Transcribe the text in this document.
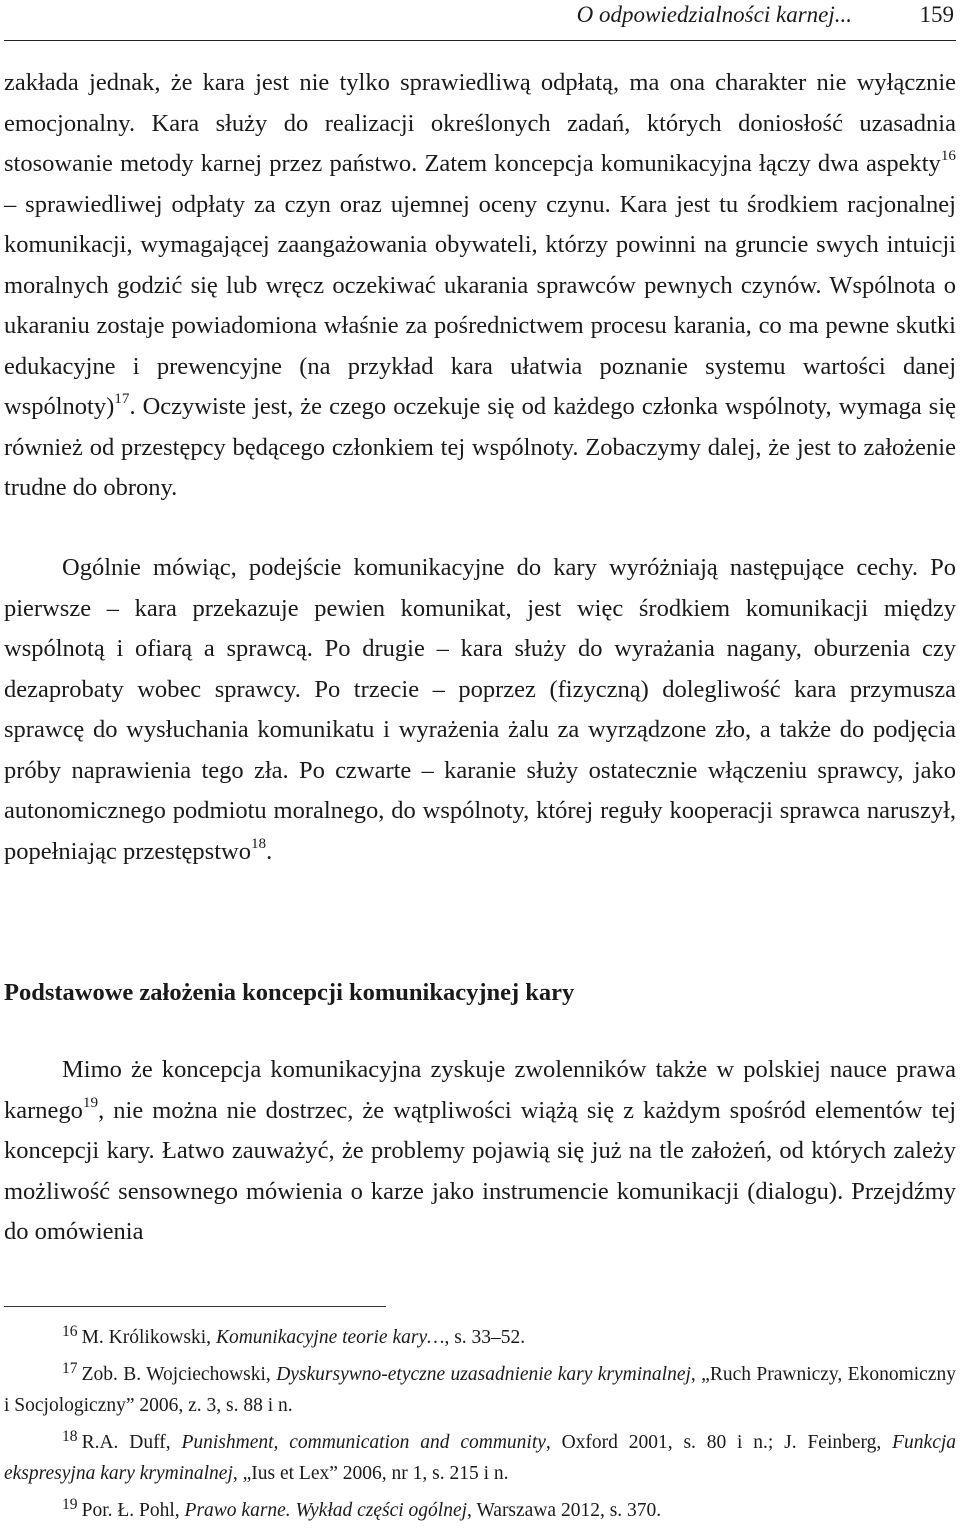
O odpowiedzialności karnej...	159

zakłada jednak, że kara jest nie tylko sprawiedliwą odpłatą, ma ona charakter nie wyłącznie emocjonalny. Kara służy do realizacji określonych zadań, których doniosłość uzasadnia stosowanie metody karnej przez państwo. Zatem koncepcja komunikacyjna łączy dwa aspekty$^{16}$ – sprawiedliwej odpłaty za czyn oraz ujemnej oceny czynu. Kara jest tu środkiem racjonalnej komunikacji, wymagającej zaangażowania obywateli, którzy powinni na gruncie swych intuicji moralnych godzić się lub wręcz oczekiwać ukarania sprawców pewnych czynów. Wspólnota o ukaraniu zostaje powiadomiona właśnie za pośrednictwem procesu karania, co ma pewne skutki edukacyjne i prewencyjne (na przykład kara ułatwia poznanie systemu wartości danej wspólnoty)$^{17}$. Oczywiste jest, że czego oczekuje się od każdego członka wspólnoty, wymaga się również od przestępcy będącego członkiem tej wspólnoty. Zobaczymy dalej, że jest to założenie trudne do obrony.

Ogólnie mówiąc, podejście komunikacyjne do kary wyróżniają następujące cechy. Po pierwsze – kara przekazuje pewien komunikat, jest więc środkiem komunikacji między wspólnotą i ofiarą a sprawcą. Po drugie – kara służy do wyrażania nagany, oburzenia czy dezaprobaty wobec sprawcy. Po trzecie – poprzez (fizyczną) dolegliwość kara przymusza sprawcę do wysłuchania komunikatu i wyrażenia żalu za wyrządzone zło, a także do podjęcia próby naprawienia tego zła. Po czwarte – karanie służy ostatecznie włączeniu sprawcy, jako autonomicznego podmiotu moralnego, do wspólnoty, której reguły kooperacji sprawca naruszył, popełniając przestępstwo$^{18}$.

Podstawowe założenia koncepcji komunikacyjnej kary

Mimo że koncepcja komunikacyjna zyskuje zwolenników także w polskiej nauce prawa karnego$^{19}$, nie można nie dostrzec, że wątpliwości wiążą się z każdym spośród elementów tej koncepcji kary. Łatwo zauważyć, że problemy pojawią się już na tle założeń, od których zależy możliwość sensownego mówienia o karze jako instrumencie komunikacji (dialogu). Przejdźmy do omówienia

$^{16}$ M. Królikowski, Komunikacyjne teorie kary…, s. 33–52.

$^{17}$ Zob. B. Wojciechowski, Dyskursywno-etyczne uzasadnienie kary kryminalnej, „Ruch Prawniczy, Ekonomiczny i Socjologiczny” 2006, z. 3, s. 88 i n.

$^{18}$ R.A. Duff, Punishment, communication and community, Oxford 2001, s. 80 i n.; J. Feinberg, Funkcja ekspresyjna kary kryminalnej, „Ius et Lex” 2006, nr 1, s. 215 i n.

$^{19}$ Por. Ł. Pohl, Prawo karne. Wykład części ogólnej, Warszawa 2012, s. 370.
